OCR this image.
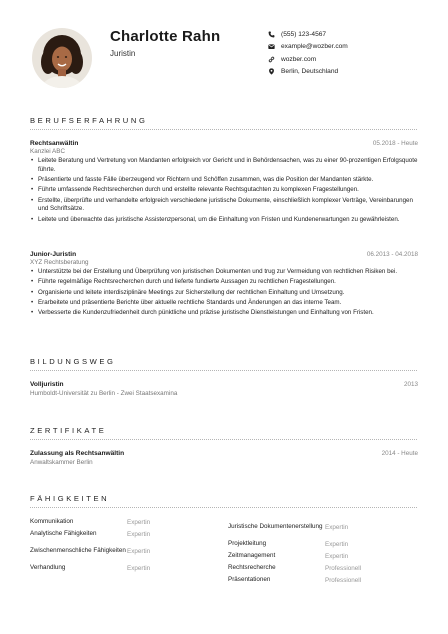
Charlotte Rahn
Juristin
(555) 123-4567
example@wozber.com
wozber.com
Berlin, Deutschland
BERUFSERFAHRUNG
Rechtsanwältin	05.2018 - Heute
Kanzlei ABC
• Leitete Beratung und Vertretung von Mandanten erfolgreich vor Gericht und in Behördensachen, was zu einer 90-prozentigen Erfolgsquote führte.
• Präsentierte und fasste Fälle überzeugend vor Richtern und Schöffen zusammen, was die Position der Mandanten stärkte.
• Führte umfassende Rechtsrecherchen durch und erstellte relevante Rechtsgutachten zu komplexen Fragestellungen.
• Erstellte, überprüfte und verhandelte erfolgreich verschiedene juristische Dokumente, einschließlich komplexer Verträge, Vereinbarungen und Schriftsätze.
• Leitete und überwachte das juristische Assistenzpersonal, um die Einhaltung von Fristen und Kundenerwartungen zu gewährleisten.
Junior-Juristin	06.2013 - 04.2018
XYZ Rechtsberatung
• Unterstützte bei der Erstellung und Überprüfung von juristischen Dokumenten und trug zur Vermeidung von rechtlichen Risiken bei.
• Führte regelmäßige Rechtsrecherchen durch und lieferte fundierte Aussagen zu rechtlichen Fragestellungen.
• Organisierte und leitete interdisziplinäre Meetings zur Sicherstellung der rechtlichen Einhaltung und Umsetzung.
• Erarbeitete und präsentierte Berichte über aktuelle rechtliche Standards und Änderungen an das interne Team.
• Verbesserte die Kundenzufriedenheit durch pünktliche und präzise juristische Dienstleistungen und Einhaltung von Fristen.
BILDUNGSWEG
Volljuristin	2013
Humboldt-Universität zu Berlin - Zwei Staatsexamina
ZERTIFIKATE
Zulassung als Rechtsanwältin	2014 - Heute
Anwaltskammer Berlin
FÄHIGKEITEN
Kommunikation	Expertin
Analytische Fähigkeiten	Expertin
Zwischenmenschliche Fähigkeiten Expertin
Verhandlung	Expertin
Juristische Dokumentenerstellung Expertin
Projektleitung	Expertin
Zeitmanagement	Expertin
Rechtsrecherche	Professionell
Präsentationen	Professionell
